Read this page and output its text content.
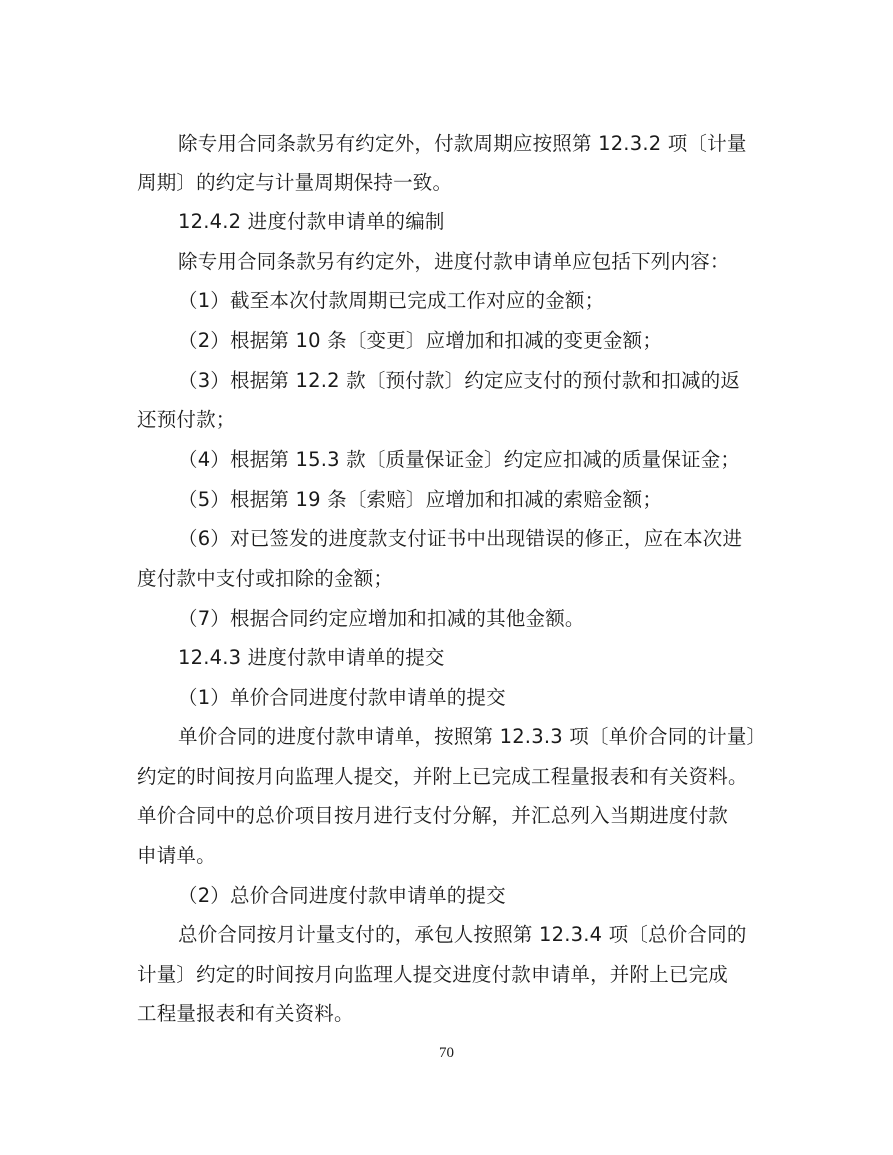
除专用合同条款另有约定外，付款周期应按照第 12.3.2 项〔计量
周期〕的约定与计量周期保持一致。
12.4.2 进度付款申请单的编制
除专用合同条款另有约定外，进度付款申请单应包括下列内容：
（1）截至本次付款周期已完成工作对应的金额；
（2）根据第 10 条〔变更〕应增加和扣减的变更金额；
（3）根据第 12.2 款〔预付款〕约定应支付的预付款和扣减的返
还预付款；
（4）根据第 15.3 款〔质量保证金〕约定应扣减的质量保证金；
（5）根据第 19 条〔索赔〕应增加和扣减的索赔金额；
（6）对已签发的进度款支付证书中出现错误的修正，应在本次进
度付款中支付或扣除的金额；
（7）根据合同约定应增加和扣减的其他金额。
12.4.3 进度付款申请单的提交
（1）单价合同进度付款申请单的提交
单价合同的进度付款申请单，按照第 12.3.3 项〔单价合同的计量〕
约定的时间按月向监理人提交，并附上已完成工程量报表和有关资料。
单价合同中的总价项目按月进行支付分解，并汇总列入当期进度付款
申请单。
（2）总价合同进度付款申请单的提交
总价合同按月计量支付的，承包人按照第 12.3.4 项〔总价合同的
计量〕约定的时间按月向监理人提交进度付款申请单，并附上已完成
工程量报表和有关资料。
70
